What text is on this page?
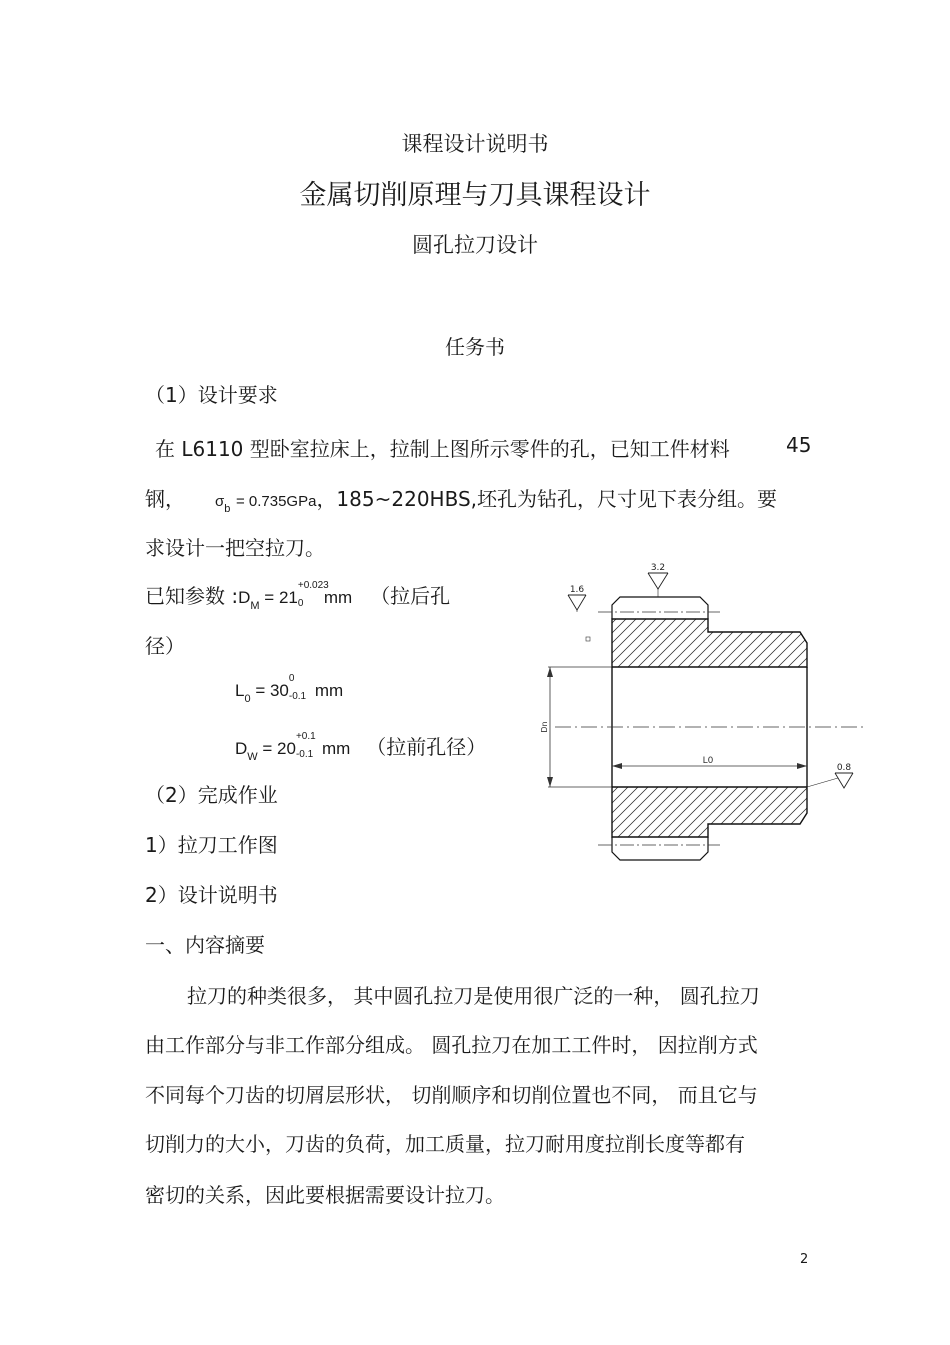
课程设计说明书
金属切削原理与刀具课程设计
圆孔拉刀设计
任务书
（1）设计要求
在 L6110 型卧室拉床上，拉制上图所示零件的孔，已知工件材料	45
钢， $\sigma_b = 0.735GPa$，185~220HBS,坯孔为钻孔，尺寸见下表分组。要
求设计一把空拉刀。
已知参数 $:D_M = 21$
+0.023
0 mm （拉后孔
径）
$L_0 = 30$
0
-0.1 mm
$D_W = 20$
+0.1
-0.1 mm （拉前孔径）
（2）完成作业
1）拉刀工作图
2）设计说明书
一、内容摘要
拉刀的种类很多， 其中圆孔拉刀是使用很广泛的一种， 圆孔拉刀
由工作部分与非工作部分组成。 圆孔拉刀在加工工件时， 因拉削方式
不同每个刀齿的切屑层形状， 切削顺序和切削位置也不同， 而且它与
切削力的大小，刀齿的负荷，加工质量，拉刀耐用度拉削长度等都有
密切的关系，因此要根据需要设计拉刀。
2
Dn
L0
3.2
1.6
0.8
